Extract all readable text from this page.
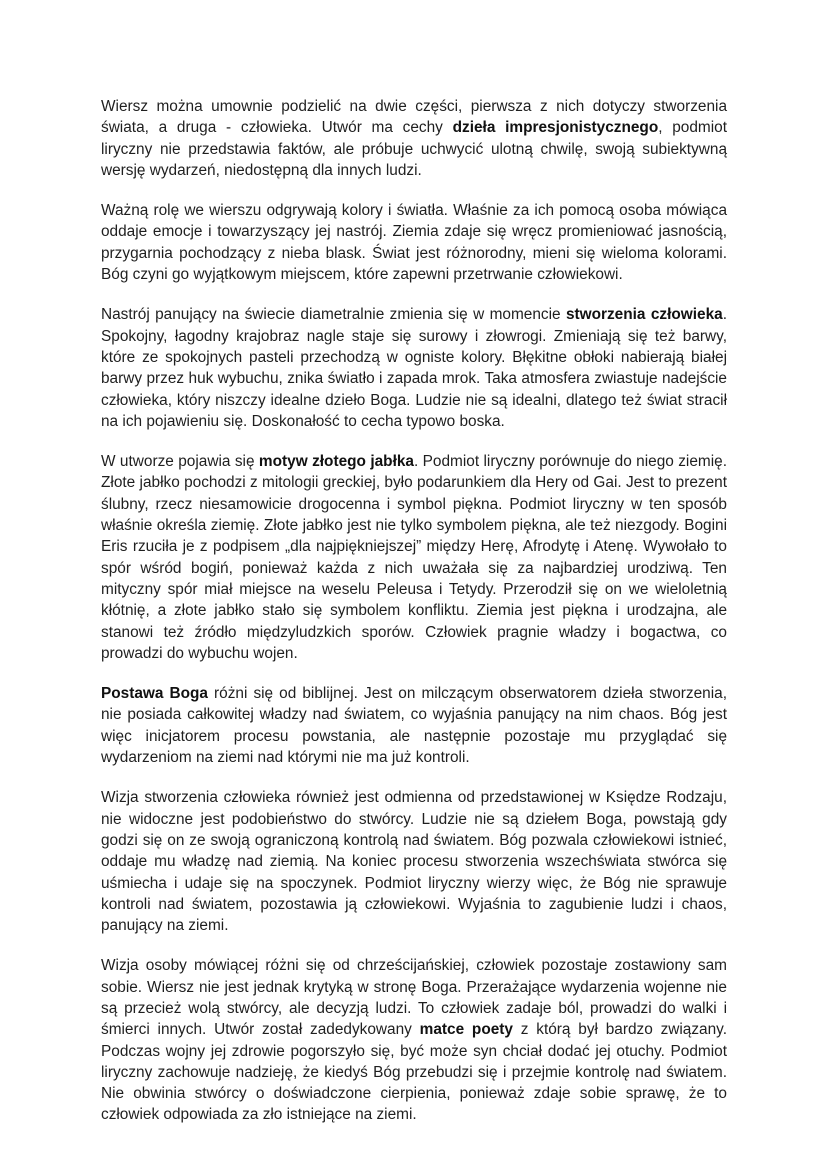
Wiersz można umownie podzielić na dwie części, pierwsza z nich dotyczy stworzenia świata, a druga - człowieka. Utwór ma cechy dzieła impresjonistycznego, podmiot liryczny nie przedstawia faktów, ale próbuje uchwycić ulotną chwilę, swoją subiektywną wersję wydarzeń, niedostępną dla innych ludzi.

Ważną rolę we wierszu odgrywają kolory i światła. Właśnie za ich pomocą osoba mówiąca oddaje emocje i towarzyszący jej nastrój. Ziemia zdaje się wręcz promieniować jasnością, przygarnia pochodzący z nieba blask. Świat jest różnorodny, mieni się wieloma kolorami. Bóg czyni go wyjątkowym miejscem, które zapewni przetrwanie człowiekowi.

Nastrój panujący na świecie diametralnie zmienia się w momencie stworzenia człowieka. Spokojny, łagodny krajobraz nagle staje się surowy i złowrogi. Zmieniają się też barwy, które ze spokojnych pasteli przechodzą w ogniste kolory. Błękitne obłoki nabierają białej barwy przez huk wybuchu, znika światło i zapada mrok. Taka atmosfera zwiastuje nadejście człowieka, który niszczy idealne dzieło Boga. Ludzie nie są idealni, dlatego też świat stracił na ich pojawieniu się. Doskonałość to cecha typowo boska.

W utworze pojawia się motyw złotego jabłka. Podmiot liryczny porównuje do niego ziemię. Złote jabłko pochodzi z mitologii greckiej, było podarunkiem dla Hery od Gai. Jest to prezent ślubny, rzecz niesamowicie drogocenna i symbol piękna. Podmiot liryczny w ten sposób właśnie określa ziemię. Złote jabłko jest nie tylko symbolem piękna, ale też niezgody. Bogini Eris rzuciła je z podpisem „dla najpiękniejszej” między Herę, Afrodytę i Atenę. Wywołało to spór wśród bogiń, ponieważ każda z nich uważała się za najbardziej urodziwą. Ten mityczny spór miał miejsce na weselu Peleusa i Tetydy. Przerodził się on we wieloletnią kłótnię, a złote jabłko stało się symbolem konfliktu. Ziemia jest piękna i urodzajna, ale stanowi też źródło międzyludzkich sporów. Człowiek pragnie władzy i bogactwa, co prowadzi do wybuchu wojen.

Postawa Boga różni się od biblijnej. Jest on milczącym obserwatorem dzieła stworzenia, nie posiada całkowitej władzy nad światem, co wyjaśnia panujący na nim chaos. Bóg jest więc inicjatorem procesu powstania, ale następnie pozostaje mu przyglądać się wydarzeniom na ziemi nad którymi nie ma już kontroli.

Wizja stworzenia człowieka również jest odmienna od przedstawionej w Księdze Rodzaju, nie widoczne jest podobieństwo do stwórcy. Ludzie nie są dziełem Boga, powstają gdy godzi się on ze swoją ograniczoną kontrolą nad światem. Bóg pozwala człowiekowi istnieć, oddaje mu władzę nad ziemią. Na koniec procesu stworzenia wszechświata stwórca się uśmiecha i udaje się na spoczynek. Podmiot liryczny wierzy więc, że Bóg nie sprawuje kontroli nad światem, pozostawia ją człowiekowi. Wyjaśnia to zagubienie ludzi i chaos, panujący na ziemi.

Wizja osoby mówiącej różni się od chrześcijańskiej, człowiek pozostaje zostawiony sam sobie. Wiersz nie jest jednak krytyką w stronę Boga. Przerażające wydarzenia wojenne nie są przecież wolą stwórcy, ale decyzją ludzi. To człowiek zadaje ból, prowadzi do walki i śmierci innych. Utwór został zadedykowany matce poety z którą był bardzo związany. Podczas wojny jej zdrowie pogorszyło się, być może syn chciał dodać jej otuchy. Podmiot liryczny zachowuje nadzieję, że kiedyś Bóg przebudzi się i przejmie kontrolę nad światem. Nie obwinia stwórcy o doświadczone cierpienia, ponieważ zdaje sobie sprawę, że to człowiek odpowiada za zło istniejące na ziemi.
